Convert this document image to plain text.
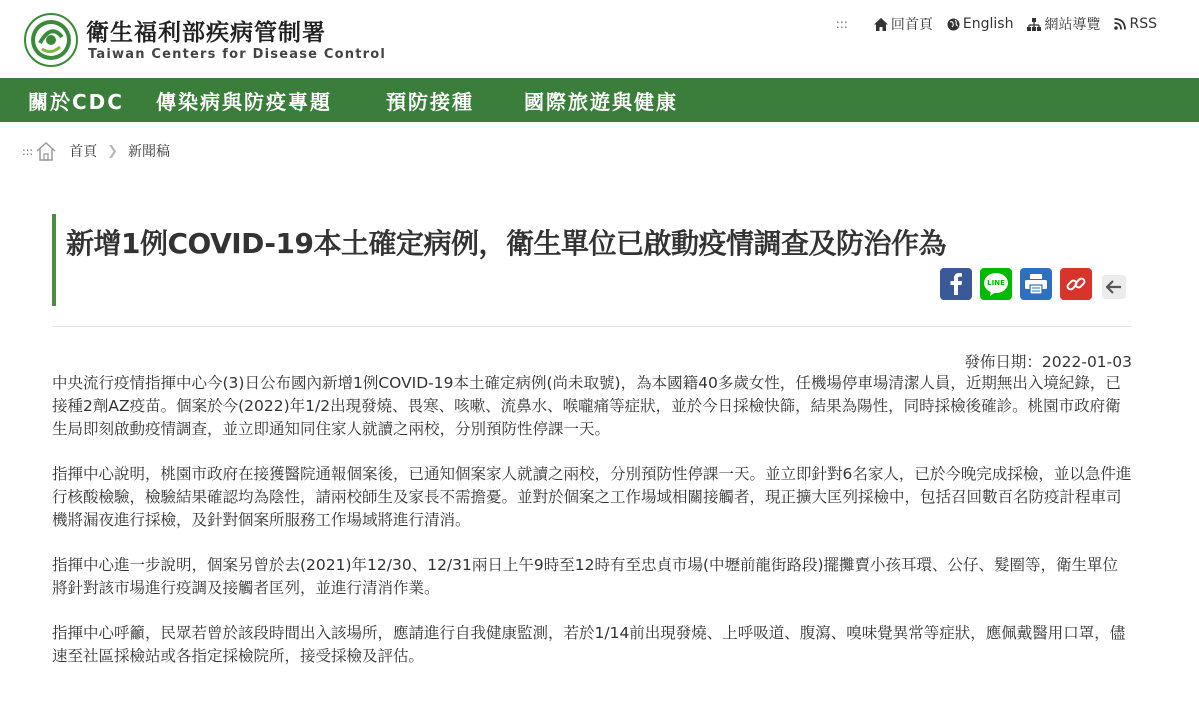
衛生福利部疾病管制署
Taiwan Centers for Disease Control
:::	回首頁 English 網站導覽 RSS
關於CDC 傳染病與防疫專題	預防接種	國際旅遊與健康
:::	首頁 ❯ 新聞稿
新增1例COVID-19本土確定病例，衛生單位已啟動疫情調查及防治作為
LINE
發佈日期：2022-01-03

中央流行疫情指揮中心今(3)日公布國內新增1例COVID-19本土確定病例(尚未取號)，為本國籍40多歲女性，任機場停車場清潔人員，近期無出入境紀錄，已接種2劑AZ疫苗。個案於今(2022)年1/2出現發燒、畏寒、咳嗽、流鼻水、喉嚨痛等症狀，並於今日採檢快篩，結果為陽性，同時採檢後確診。桃園市政府衛生局即刻啟動疫情調查，並立即通知同住家人就讀之兩校，分別預防性停課一天。

指揮中心說明，桃園市政府在接獲醫院通報個案後，已通知個案家人就讀之兩校，分別預防性停課一天。並立即針對6名家人，已於今晚完成採檢，並以急件進行核酸檢驗，檢驗結果確認均為陰性，請兩校師生及家長不需擔憂。並對於個案之工作場域相關接觸者，現正擴大匡列採檢中，包括召回數百名防疫計程車司機將漏夜進行採檢，及針對個案所服務工作場域將進行清消。

指揮中心進一步說明，個案另曾於去(2021)年12/30、12/31兩日上午9時至12時有至忠貞市場(中壢前龍街路段)擺攤賣小孩耳環、公仔、髮圈等，衛生單位將針對該市場進行疫調及接觸者匡列，並進行清消作業。

指揮中心呼籲，民眾若曾於該段時間出入該場所，應請進行自我健康監測，若於1/14前出現發燒、上呼吸道、腹瀉、嗅味覺異常等症狀，應佩戴醫用口罩，儘速至社區採檢站或各指定採檢院所，接受採檢及評估。
